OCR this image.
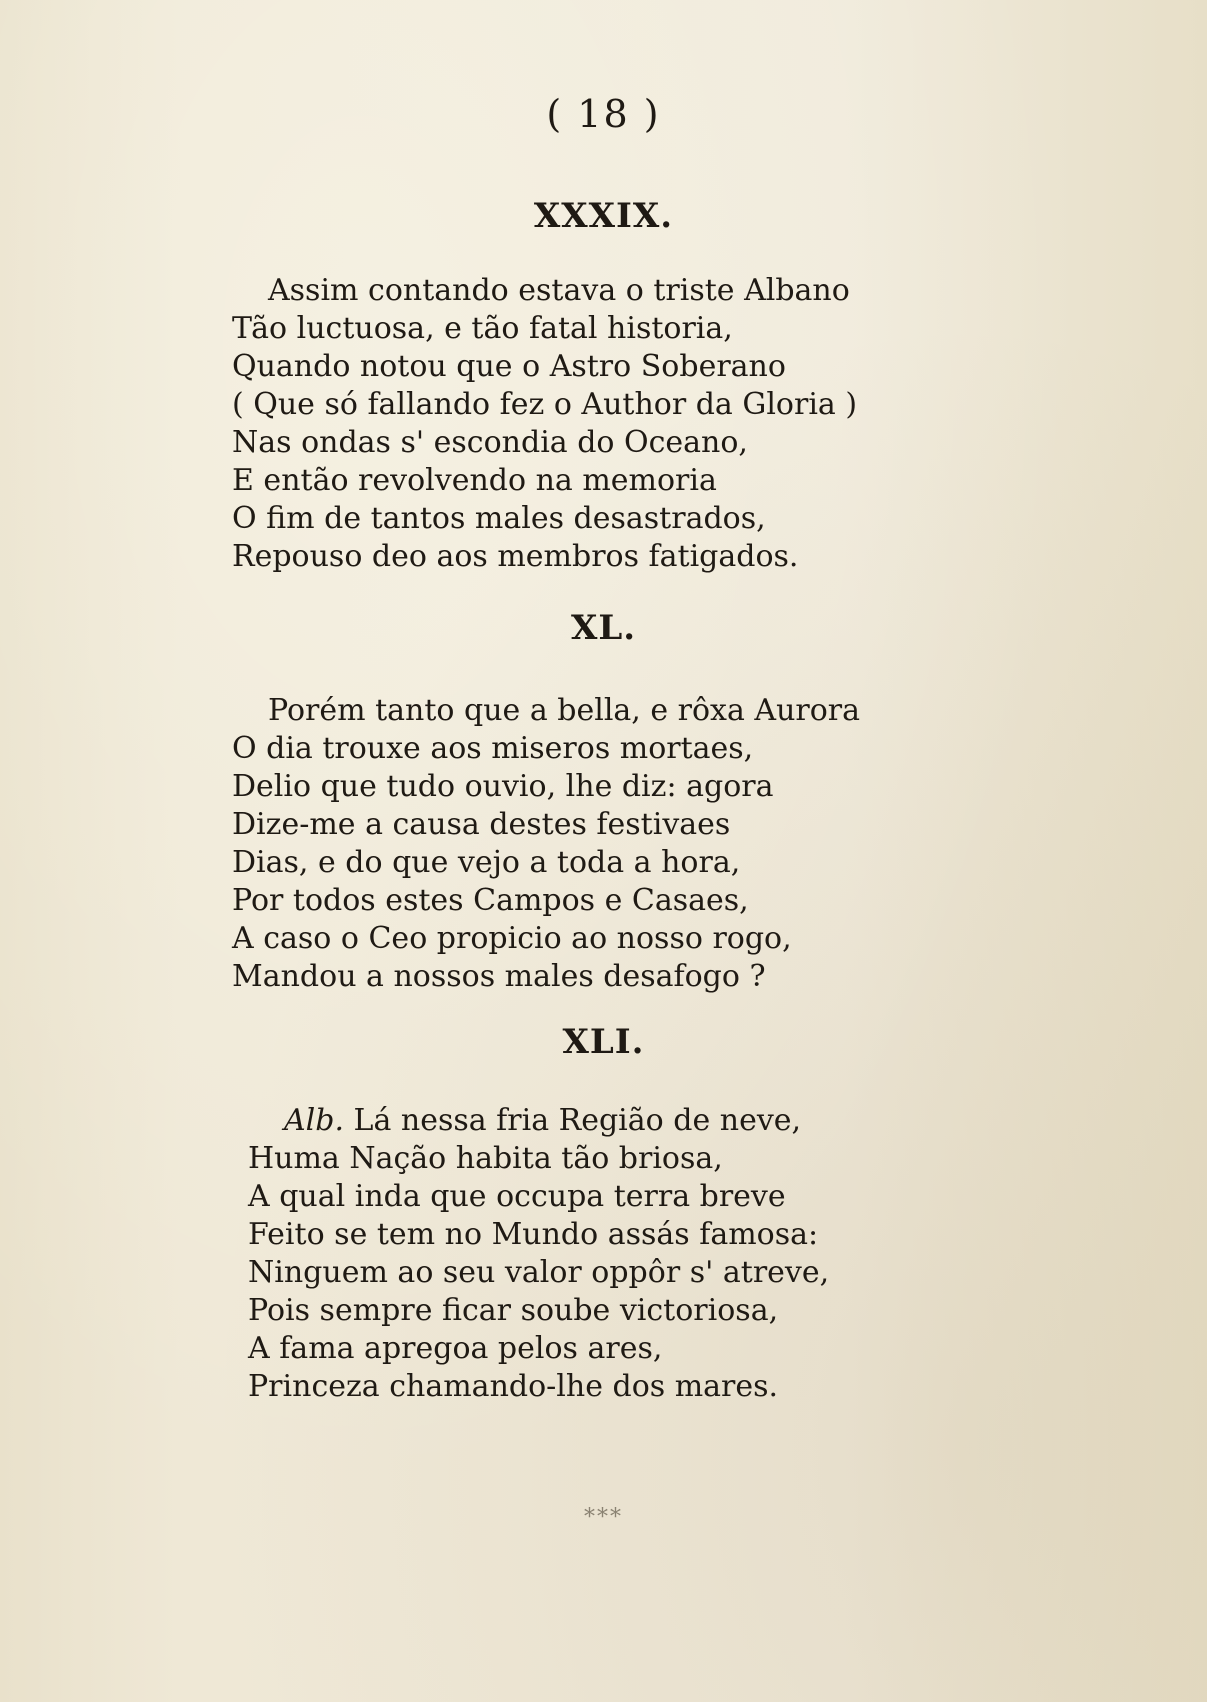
( 18 )
XXXIX.
Assim contando estava o triste Albano
Tão luctuosa, e tão fatal historia,
Quando notou que o Astro Soberano
( Que só fallando fez o Author da Gloria )
Nas ondas s' escondia do Oceano,
E então revolvendo na memoria
O fim de tantos males desastrados,
Repouso deo aos membros fatigados.
XL.
Porém tanto que a bella, e rôxa Aurora
O dia trouxe aos miseros mortaes,
Delio que tudo ouvio, lhe diz: agora
Dize-me a causa destes festivaes
Dias, e do que vejo a toda a hora,
Por todos estes Campos e Casaes,
A caso o Ceo propicio ao nosso rogo,
Mandou a nossos males desafogo ?
XLI.
Alb. Lá nessa fria Região de neve,
Huma Nação habita tão briosa,
A qual inda que occupa terra breve
Feito se tem no Mundo assás famosa:
Ninguem ao seu valor oppôr s' atreve,
Pois sempre ficar soube victoriosa,
A fama apregoa pelos ares,
Princeza chamando-lhe dos mares.
***
